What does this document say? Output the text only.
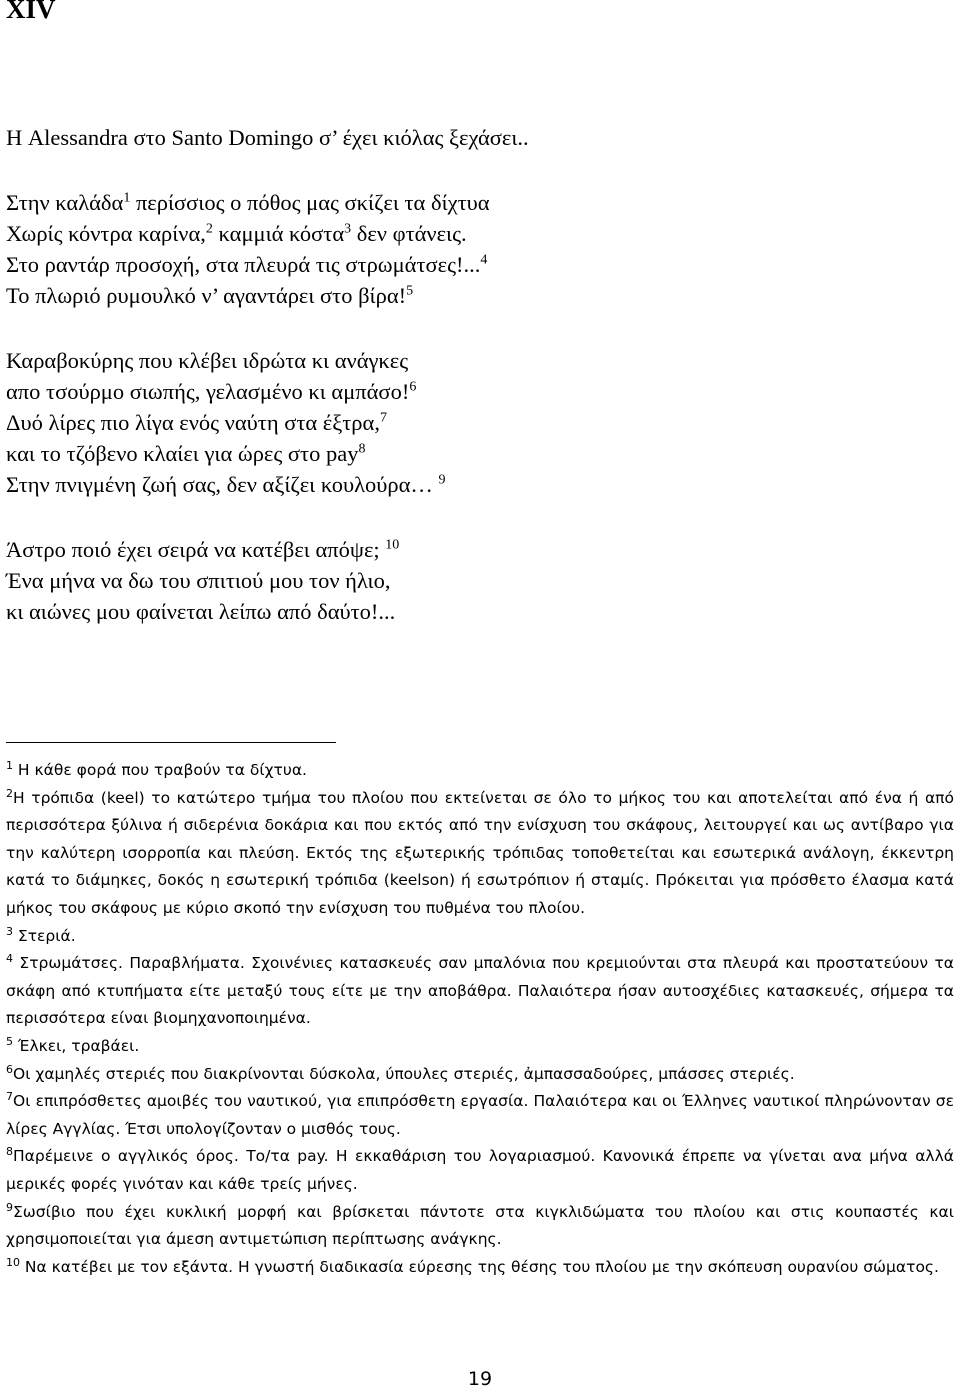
XIV
Η Alessandra στο Santo Domingo σ’ έχει κιόλας ξεχάσει..
Στην καλάδα$^1$ περίσσιος ο πόθος μας σκίζει τα δίχτυα
Χωρίς κόντρα καρίνα,$^2$ καμμιά κόστα$^3$ δεν φτάνεις.
Στο ραντάρ προσοχή, στα πλευρά τις στρωμάτσες!...$^4$
Το πλωριό ρυμουλκό ν’ αγαντάρει στο βίρα!$^5$
Καραβοκύρης που κλέβει ιδρώτα κι ανάγκες
απο τσούρμο σιωπής, γελασμένο κι αμπάσο!$^6$
Δυό λίρες πιο λίγα ενός ναύτη στα έξτρα,$^7$
και το τζόβενο κλαίει για ώρες στο pay$^8$
Στην πνιγμένη ζωή σας, δεν αξίζει κουλούρα… $^9$
Άστρο ποιό έχει σειρά να κατέβει απόψε; $^{10}$
Ένα μήνα να δω του σπιτιού μου τον ήλιο,
κι αιώνες μου φαίνεται λείπω από δαύτο!...

$^1$ Η κάθε φορά που τραβούν τα δίχτυα.

$^2$Η τρόπιδα (keel) το κατώτερο τμήμα του πλοίου που εκτείνεται σε όλο το μήκος του και αποτελείται από ένα ή από περισσότερα ξύλινα ή σιδερένια δοκάρια και που εκτός από την ενίσχυση του σκάφους, λειτουργεί και ως αντίβαρο για την καλύτερη ισορροπία και πλεύση. Εκτός της εξωτερικής τρόπιδας τοποθετείται και εσωτερικά ανάλογη, έκκεντρη κατά το διάμηκες, δοκός η εσωτερική τρόπιδα (keelson) ή εσωτρόπιον ή σταμίς. Πρόκειται για πρόσθετο έλασμα κατά μήκος του σκάφους με κύριο σκοπό την ενίσχυση του πυθμένα του πλοίου.

$^3$ Στεριά.

$^4$ Στρωμάτσες. Παραβλήματα. Σχοινένιες κατασκευές σαν μπαλόνια που κρεμιούνται στα πλευρά και προστατεύουν τα σκάφη από κτυπήματα είτε μεταξύ τους είτε με την αποβάθρα. Παλαιότερα ήσαν αυτοσχέδιες κατασκευές, σήμερα τα περισσότερα είναι βιομηχανοποιημένα.

$^5$ Έλκει, τραβάει.

$^6$Οι χαμηλές στεριές που διακρίνονται δύσκολα, ύπουλες στεριές, ἀμπασσαδούρες, μπάσσες στεριές.

$^7$Οι επιπρόσθετες αμοιβές του ναυτικού, για επιπρόσθετη εργασία. Παλαιότερα και οι Έλληνες ναυτικοί πληρώνονταν σε λίρες Αγγλίας. Έτσι υπολογίζονταν ο μισθός τους.

$^8$Παρέμεινε ο αγγλικός όρος. Το/τα pay. Η εκκαθάριση του λογαριασμού. Κανονικά έπρεπε να γίνεται ανα μήνα αλλά μερικές φορές γινόταν και κάθε τρείς μήνες.

$^9$Σωσίβιο που έχει κυκλική μορφή και βρίσκεται πάντοτε στα κιγκλιδώματα του πλοίου και στις κουπαστές και χρησιμοποιείται για άμεση αντιμετώπιση περίπτωσης ανάγκης.

$^{10}$ Να κατέβει με τον εξάντα. Η γνωστή διαδικασία εύρεσης της θέσης του πλοίου με την σκόπευση ουρανίου σώματος.

19
